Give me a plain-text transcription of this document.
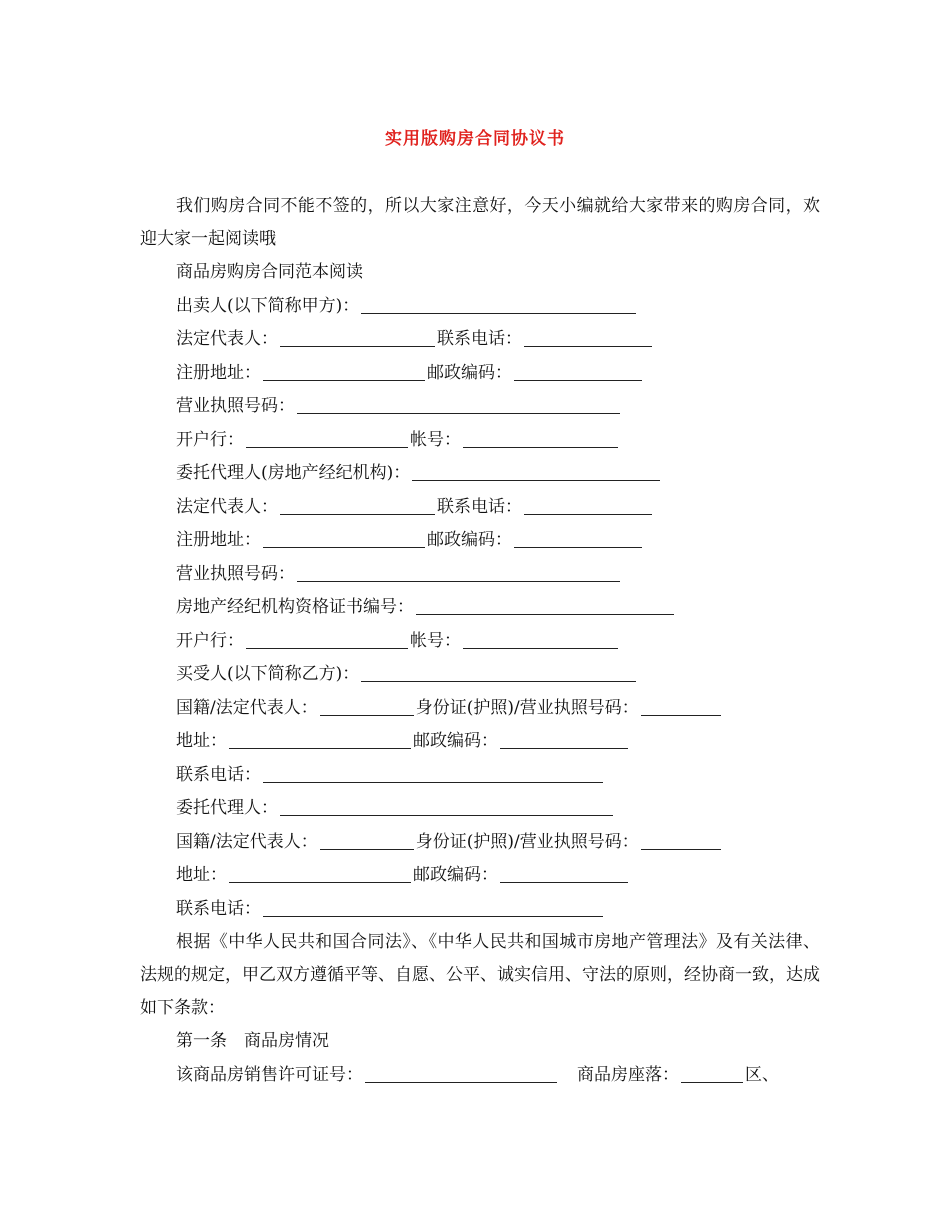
实用版购房合同协议书

我们购房合同不能不签的，所以大家注意好，今天小编就给大家带来的购房合同，欢迎大家一起阅读哦

商品房购房合同范本阅读

出卖人(以下简称甲方)：

法定代表人：	联系电话：

注册地址：	邮政编码：

营业执照号码：

开户行：	帐号：

委托代理人(房地产经纪机构)：

法定代表人：	联系电话：

注册地址：	邮政编码：

营业执照号码：

房地产经纪机构资格证书编号：

开户行：	帐号：

买受人(以下简称乙方)：

国籍/法定代表人：	身份证(护照)/营业执照号码：

地址：	邮政编码：

联系电话：

委托代理人：

国籍/法定代表人：	身份证(护照)/营业执照号码：

地址：	邮政编码：

联系电话：

根据《中华人民共和国合同法》、《中华人民共和国城市房地产管理法》及有关法律、法规的规定，甲乙双方遵循平等、自愿、公平、诚实信用、守法的原则，经协商一致，达成如下条款：

第一条　商品房情况

该商品房销售许可证号：	商品房座落：	区、
